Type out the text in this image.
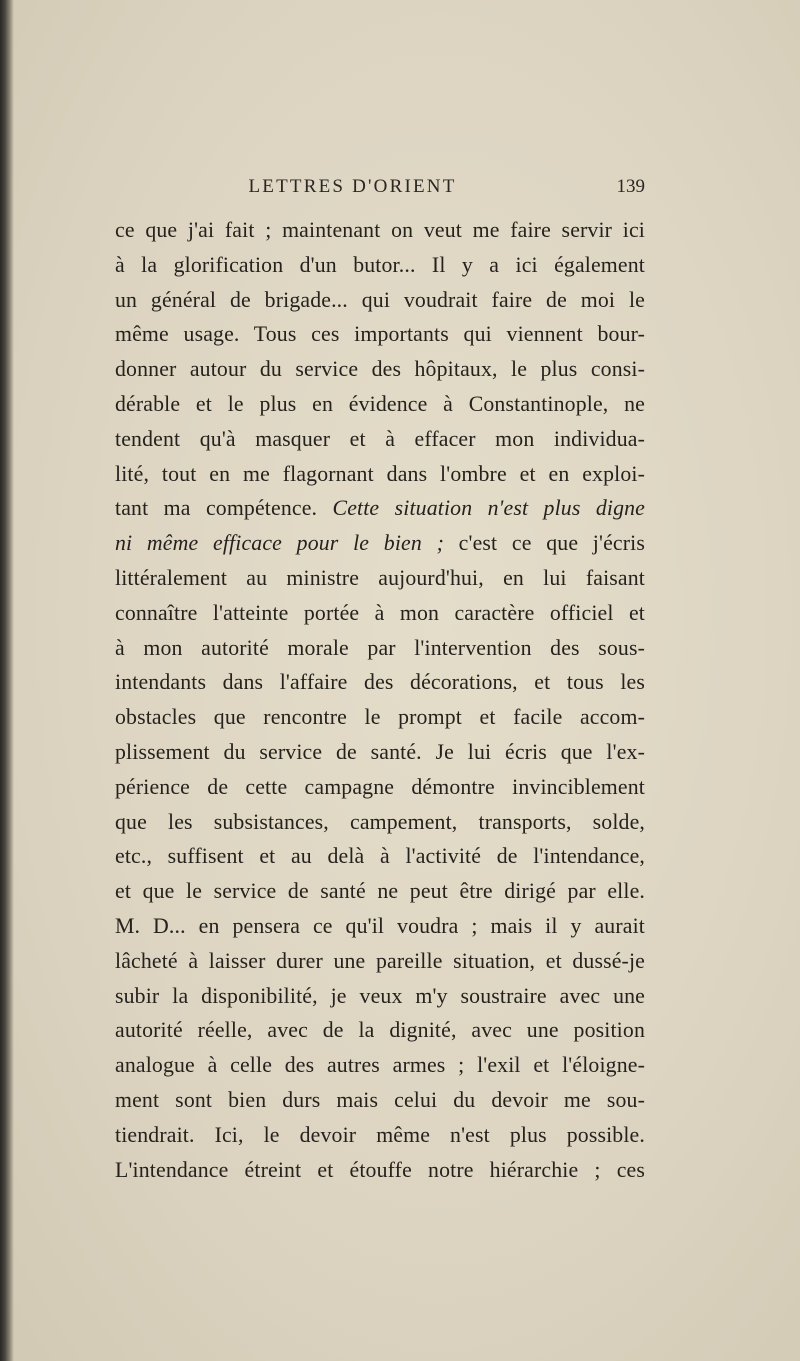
LETTRES D'ORIENT	139
ce que j'ai fait ; maintenant on veut me faire servir ici
à la glorification d'un butor... Il y a ici également
un général de brigade... qui voudrait faire de moi le
même usage. Tous ces importants qui viennent bour-
donner autour du service des hôpitaux, le plus consi-
dérable et le plus en évidence à Constantinople, ne
tendent qu'à masquer et à effacer mon individua-
lité, tout en me flagornant dans l'ombre et en exploi-
tant ma compétence. Cette situation n'est plus digne
ni même efficace pour le bien ; c'est ce que j'écris
littéralement au ministre aujourd'hui, en lui faisant
connaître l'atteinte portée à mon caractère officiel et
à mon autorité morale par l'intervention des sous-
intendants dans l'affaire des décorations, et tous les
obstacles que rencontre le prompt et facile accom-
plissement du service de santé. Je lui écris que l'ex-
périence de cette campagne démontre invinciblement
que les subsistances, campement, transports, solde,
etc., suffisent et au delà à l'activité de l'intendance,
et que le service de santé ne peut être dirigé par elle.
M. D... en pensera ce qu'il voudra ; mais il y aurait
lâcheté à laisser durer une pareille situation, et dussé-je
subir la disponibilité, je veux m'y soustraire avec une
autorité réelle, avec de la dignité, avec une position
analogue à celle des autres armes ; l'exil et l'éloigne-
ment sont bien durs mais celui du devoir me sou-
tiendrait. Ici, le devoir même n'est plus possible.
L'intendance étreint et étouffe notre hiérarchie ; ces
